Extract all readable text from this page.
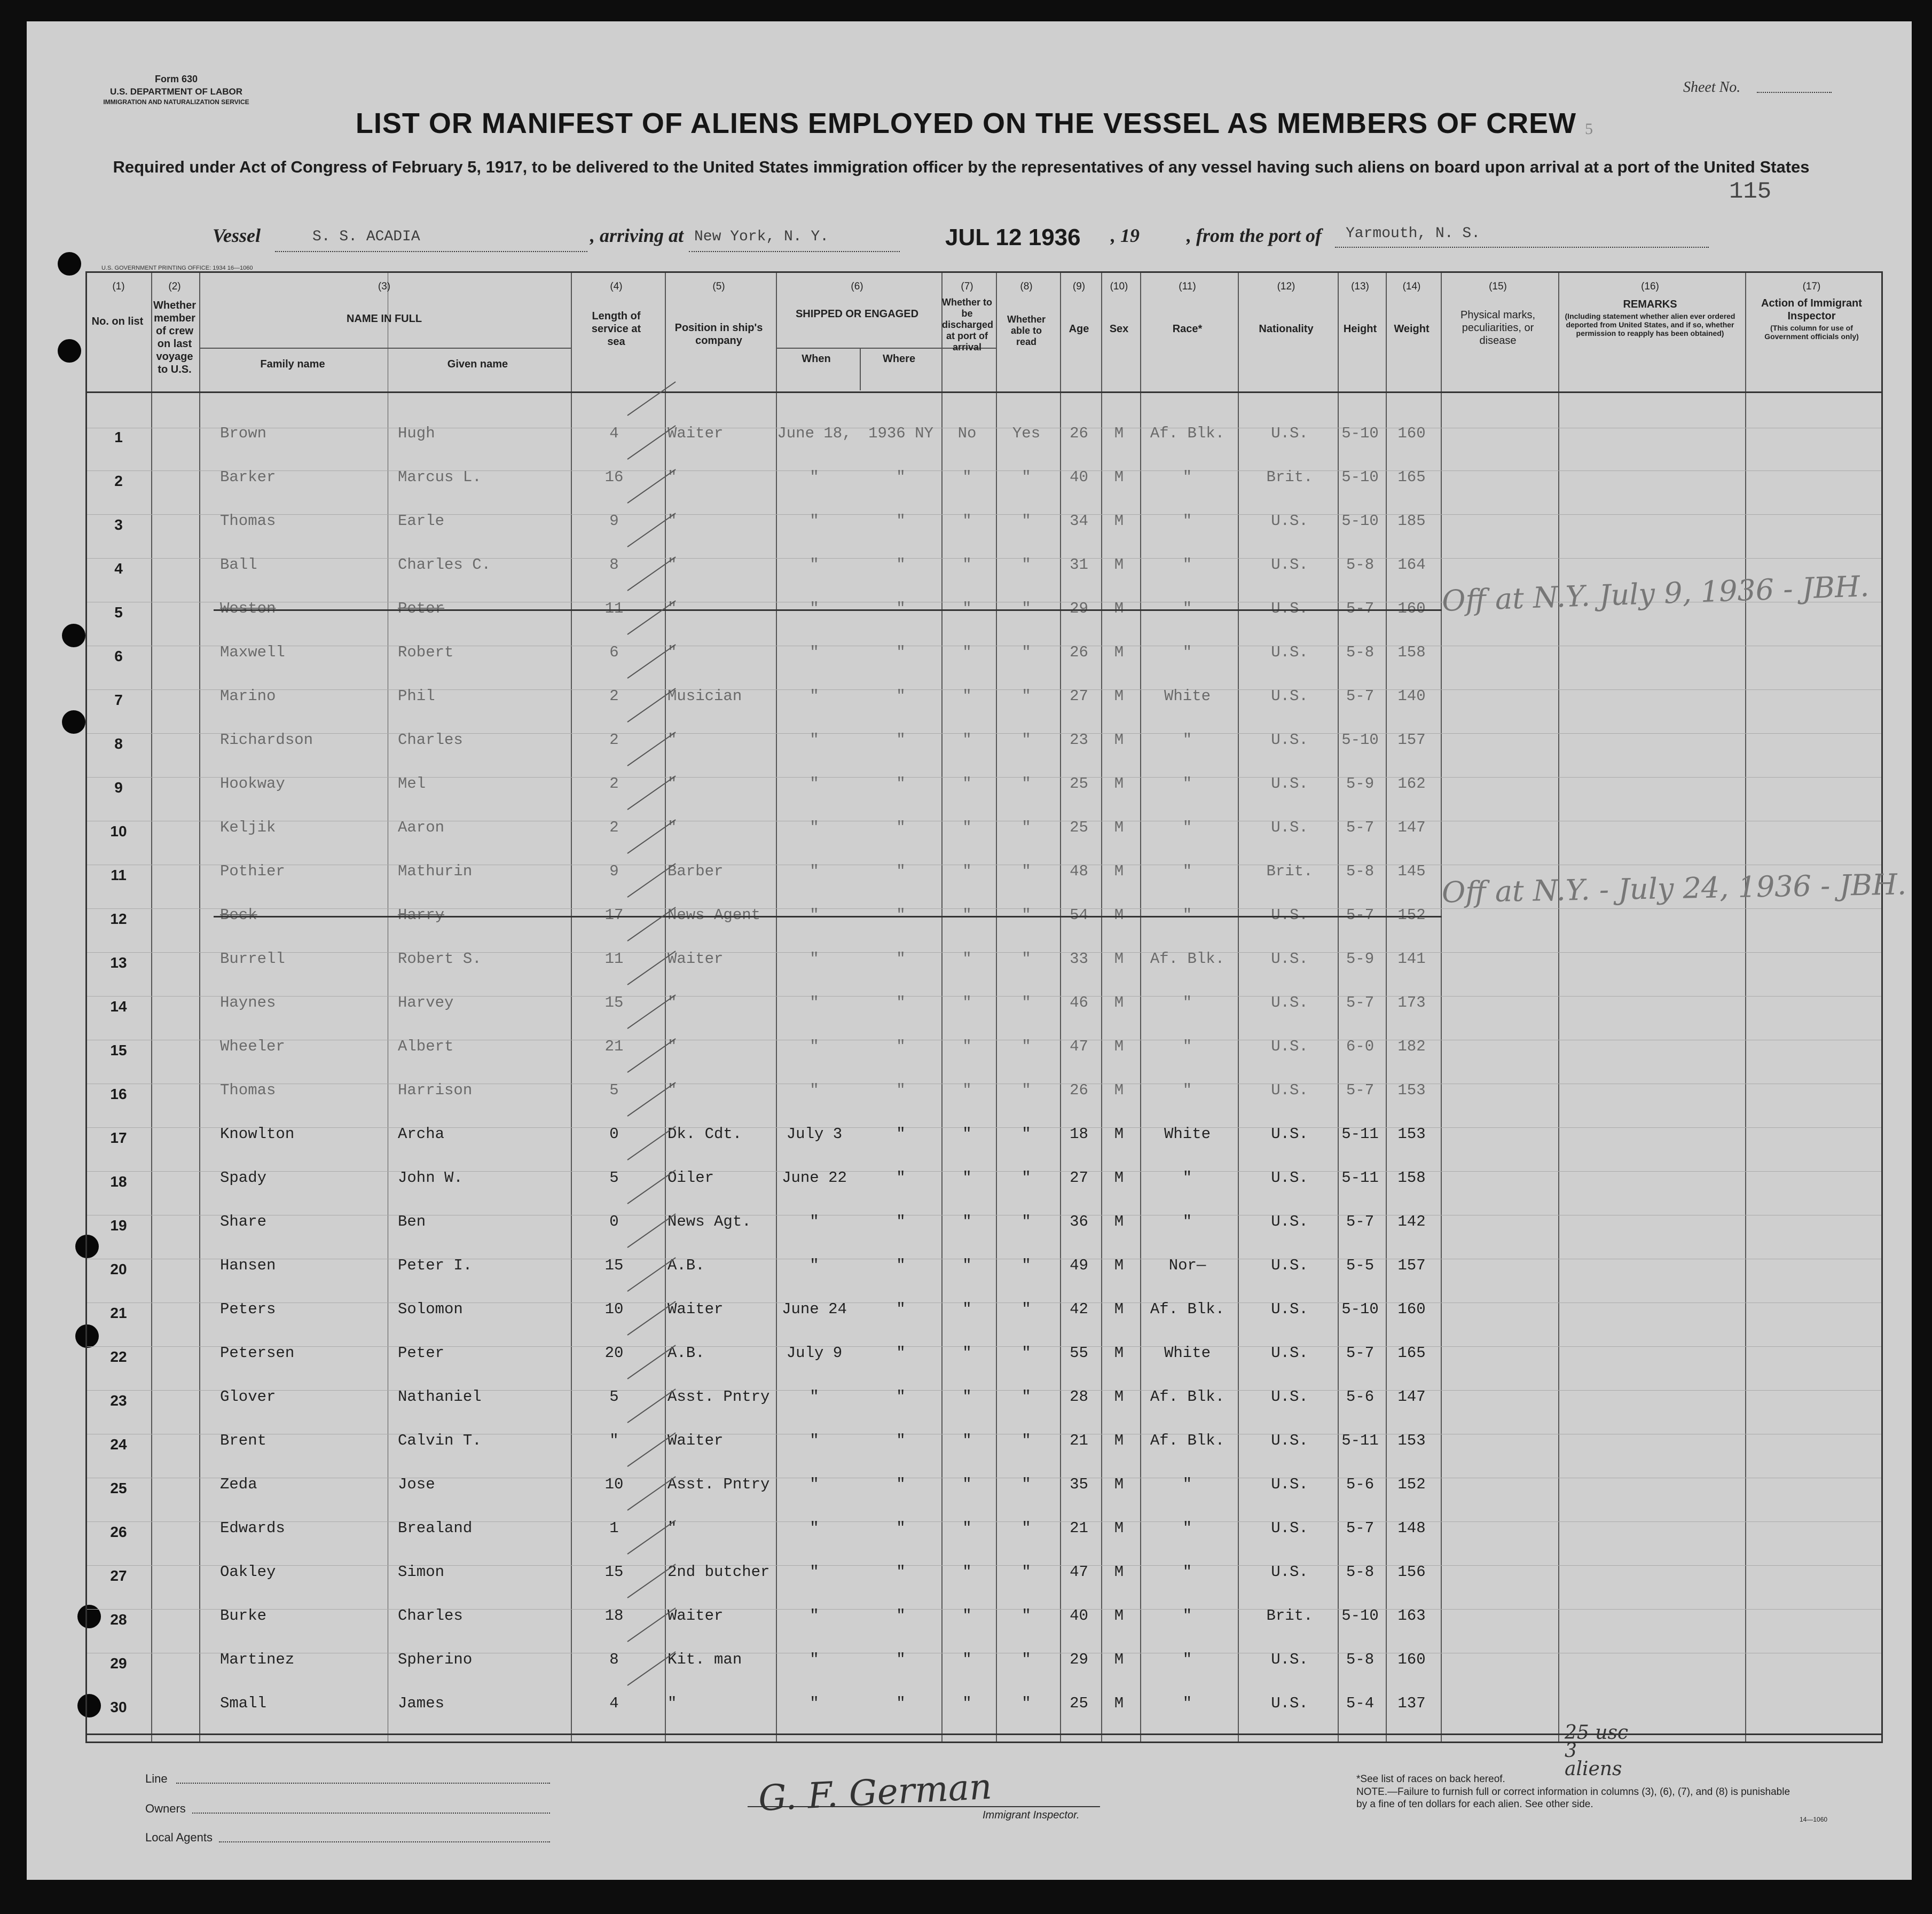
Form 630
U.S. DEPARTMENT OF LABOR
IMMIGRATION AND NATURALIZATION SERVICE
Sheet No.
LIST OR MANIFEST OF ALIENS EMPLOYED ON THE VESSEL AS MEMBERS OF CREW 5
Required under Act of Congress of February 5, 1917, to be delivered to the United States immigration officer by the representatives of any vessel having such aliens on board upon arrival at a port of the United States
115
Vessel	S. S. ACADIA	, arriving at New York, N. Y.	JUL 12 1936 , 19 , from the port of Yarmouth, N. S.
U.S. GOVERNMENT PRINTING OFFICE: 1934 16—1060
(1)
No. on list
(2)
Whether member of crew on last voyage to U.S.
(3)
NAME IN FULL
Family name	Given name
(4)
Length of service at sea
(5)
Position in ship's company
(6)
SHIPPED OR ENGAGED
When	Where
(7)
Whether to be discharged at port of arrival
(8)
Whether able to read
(9)
Age
(10)
Sex
(11)
Race*
(12)
Nationality
(13)
Height
(14)
Weight
(15)
Physical marks, peculiarities, or disease
(16)
REMARKS
(Including statement whether alien ever ordered deported from United States, and if so, whether permission to reapply has been obtained)
(17)
Action of Immigrant Inspector
(This column for use of Government officials only)
1	Brown	Hugh	4	Waiter	June 18,	1936 NY	No	Yes	26	M	Af. Blk.	U.S.	5-10	160
2	Barker	Marcus L.	16	"	"	"	"	"	40	M	"	Brit.	5-10	165
3	Thomas	Earle	9	"	"	"	"	"	34	M	"	U.S.	5-10	185
4	Ball	Charles C.	8	"	"	"	"	"	31	M	"	U.S.	5-8	164
5	Weston	Peter	11	"	"	"	"	"	29	M	"	U.S.	5-7	160
6	Maxwell	Robert	6	"	"	"	"	"	26	M	"	U.S.	5-8	158
7	Marino	Phil	2	Musician	"	"	"	"	27	M	White	U.S.	5-7	140
8	Richardson	Charles	2	"	"	"	"	"	23	M	"	U.S.	5-10	157
9	Hookway	Mel	2	"	"	"	"	"	25	M	"	U.S.	5-9	162
10	Keljik	Aaron	2	"	"	"	"	"	25	M	"	U.S.	5-7	147
11	Pothier	Mathurin	9	Barber	"	"	"	"	48	M	"	Brit.	5-8	145
12	Beck	Harry	17	News Agent	"	"	"	"	54	M	"	U.S.	5-7	152
13	Burrell	Robert S.	11	Waiter	"	"	"	"	33	M	Af. Blk.	U.S.	5-9	141
14	Haynes	Harvey	15	"	"	"	"	"	46	M	"	U.S.	5-7	173
15	Wheeler	Albert	21	"	"	"	"	"	47	M	"	U.S.	6-0	182
16	Thomas	Harrison	5	"	"	"	"	"	26	M	"	U.S.	5-7	153
17	Knowlton	Archa	0	Dk. Cdt.	July 3	"	"	"	18	M	White	U.S.	5-11	153
18	Spady	John W.	5	Oiler	June 22	"	"	"	27	M	"	U.S.	5-11	158
19	Share	Ben	0	News Agt.	"	"	"	"	36	M	"	U.S.	5-7	142
20	Hansen	Peter I.	15	A.B.	"	"	"	"	49	M	Nor—	U.S.	5-5	157
21	Peters	Solomon	10	Waiter	June 24	"	"	"	42	M	Af. Blk.	U.S.	5-10	160
22	Petersen	Peter	20	A.B.	July 9	"	"	"	55	M	White	U.S.	5-7	165
23	Glover	Nathaniel	5	Asst. Pntry	"	"	"	"	28	M	Af. Blk.	U.S.	5-6	147
24	Brent	Calvin T.	"	Waiter	"	"	"	"	21	M	Af. Blk.	U.S.	5-11	153
25	Zeda	Jose	10	Asst. Pntry	"	"	"	"	35	M	"	U.S.	5-6	152
26	Edwards	Brealand	1	"	"	"	"	"	21	M	"	U.S.	5-7	148
27	Oakley	Simon	15	2nd butcher	"	"	"	"	47	M	"	U.S.	5-8	156
28	Burke	Charles	18	Waiter	"	"	"	"	40	M	"	Brit.	5-10	163
29	Martinez	Spherino	8	Kit. man	"	"	"	"	29	M	"	U.S.	5-8	160
30	Small	James	4	"	"	"	"	"	25	M	"	U.S.	5-4	137
Off at N.Y. July 9, 1936 - JBH.
Off at N.Y. - July 24, 1936 - JBH.
25 usc 3 aliens
Line
Owners
Local Agents
G. F. German
Immigrant Inspector.
*See list of races on back hereof.
NOTE.—Failure to furnish full or correct information in columns (3), (6), (7), and (8) is punishable by a fine of ten dollars for each alien. See other side.
14—1060
